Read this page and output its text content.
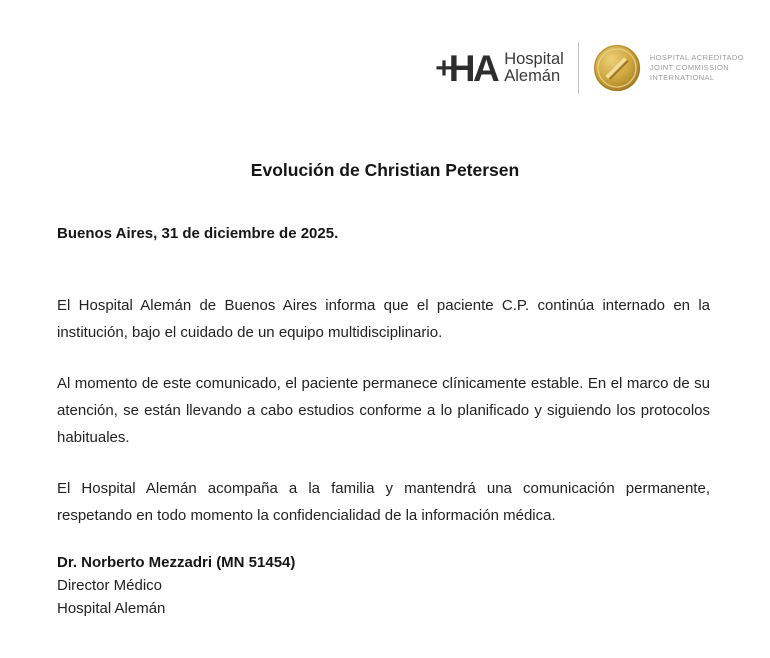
+
HA Hospital
Alemán
HOSPITAL ACREDITADO
JOINT COMMISSION
INTERNATIONAL
Evolución de Christian Petersen
Buenos Aires, 31 de diciembre de 2025.

El Hospital Alemán de Buenos Aires informa que el paciente C.P. continúa internado en la institución, bajo el cuidado de un equipo multidisciplinario.

Al momento de este comunicado, el paciente permanece clínicamente estable. En el marco de su atención, se están llevando a cabo estudios conforme a lo planificado y siguiendo los protocolos habituales.

El Hospital Alemán acompaña a la familia y mantendrá una comunicación permanente, respetando en todo momento la confidencialidad de la información médica.

Dr. Norberto Mezzadri (MN 51454)
Director Médico
Hospital Alemán
